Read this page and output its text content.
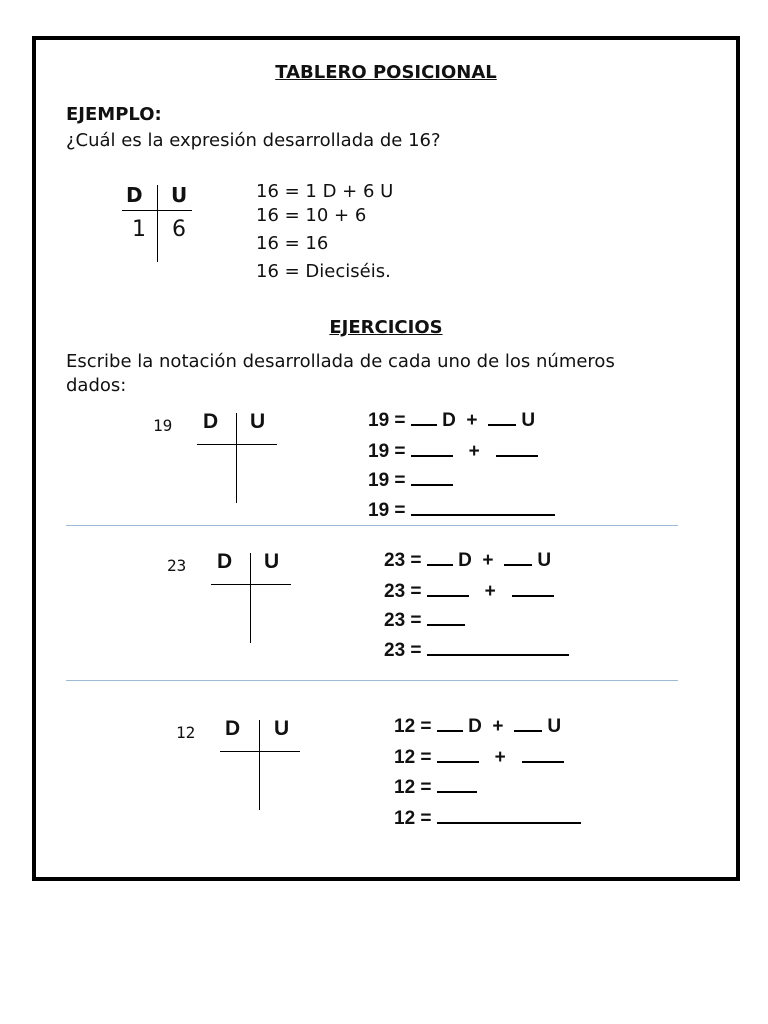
TABLERO POSICIONAL
EJEMPLO:
¿Cuál es la expresión desarrollada de 16?
D U
1 6
16 = 1 D + 6 U
16 = 10 + 6
16 = 16
16 = Dieciséis.
EJERCICIOS
Escribe la notación desarrollada de cada uno de los números dados:
19 D U	19 = D + U
19 =	+
19 =
19 =
23 D U	23 = D + U
23 =	+
23 =
23 =
12 D U	12 = D + U
12 =	+
12 =
12 =
